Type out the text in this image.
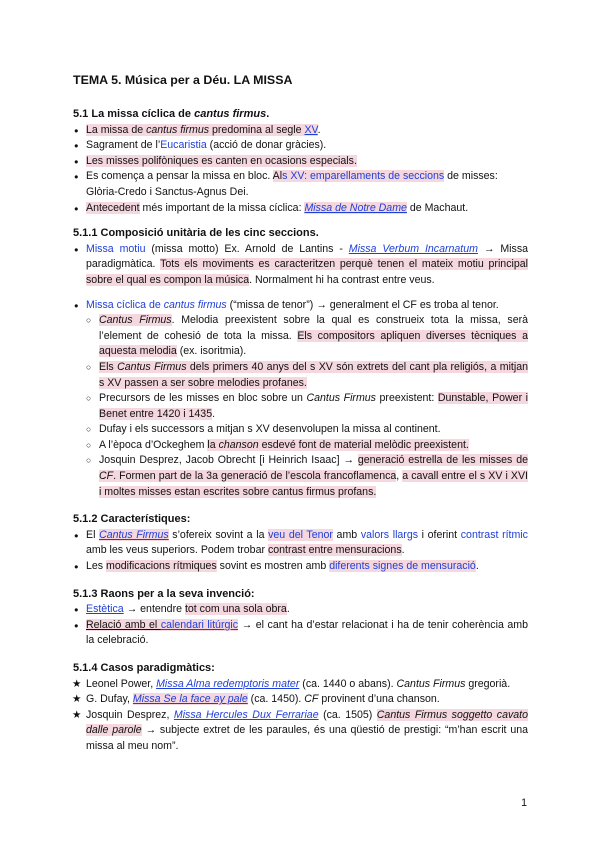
TEMA 5. Música per a Déu. LA MISSA
5.1 La missa cíclica de cantus firmus.
● La missa de cantus firmus predomina al segle XV.
● Sagrament de l’Eucaristia (acció de donar gràcies).
● Les misses polifòniques es canten en ocasions especials.
● Es comença a pensar la missa en bloc. Als XV: emparellaments de seccions de misses:
Glòria-Credo i Sanctus-Agnus Dei.
● Antecedent més important de la missa cíclica: Missa de Notre Dame de Machaut.
5.1.1 Composició unitària de les cinc seccions.
● Missa motiu (missa motto) Ex. Arnold de Lantins - Missa Verbum Incarnatum → Missa paradigmàtica. Tots els moviments es caracteritzen perquè tenen el mateix motiu principal sobre el qual es compon la música. Normalment hi ha contrast entre veus.
● Missa cíclica de cantus firmus (“missa de tenor”) → generalment el CF es troba al tenor.
○ Cantus Firmus. Melodia preexistent sobre la qual es construeix tota la missa, serà l’element de cohesió de tota la missa. Els compositors apliquen diverses tècniques a aquesta melodia (ex. isoritmia).
○ Els Cantus Firmus dels primers 40 anys del s XV són extrets del cant pla religiós, a mitjan s XV passen a ser sobre melodies profanes.
○ Precursors de les misses en bloc sobre un Cantus Firmus preexistent: Dunstable, Power i Benet entre 1420 i 1435.
○ Dufay i els successors a mitjan s XV desenvolupen la missa al continent.
○ A l’època d’Ockeghem la chanson esdevé font de material melòdic preexistent.
○ Josquin Desprez, Jacob Obrecht [i Heinrich Isaac] → generació estrella de les misses de CF. Formen part de la 3a generació de l’escola francoflamenca, a cavall entre el s XV i XVI i moltes misses estan escrites sobre cantus firmus profans.
5.1.2 Característiques:
● El Cantus Firmus s’ofereix sovint a la veu del Tenor amb valors llargs i oferint contrast rítmic amb les veus superiors. Podem trobar contrast entre mensuracions.
● Les modificacions rítmiques sovint es mostren amb diferents signes de mensuració.
5.1.3 Raons per a la seva invenció:
● Estètica → entendre tot com una sola obra.
● Relació amb el calendari litúrgic → el cant ha d’estar relacionat i ha de tenir coherència amb la celebració.
5.1.4 Casos paradigmàtics:
★ Leonel Power, Missa Alma redemptoris mater (ca. 1440 o abans). Cantus Firmus gregorià.
★ G. Dufay, Missa Se la face ay pale (ca. 1450). CF provinent d’una chanson.
★ Josquin Desprez, Missa Hercules Dux Ferrariae (ca. 1505) Cantus Firmus soggetto cavato dalle parole → subjecte extret de les paraules, és una qüestió de prestigi: “m’han escrit una missa al meu nom”.
1
